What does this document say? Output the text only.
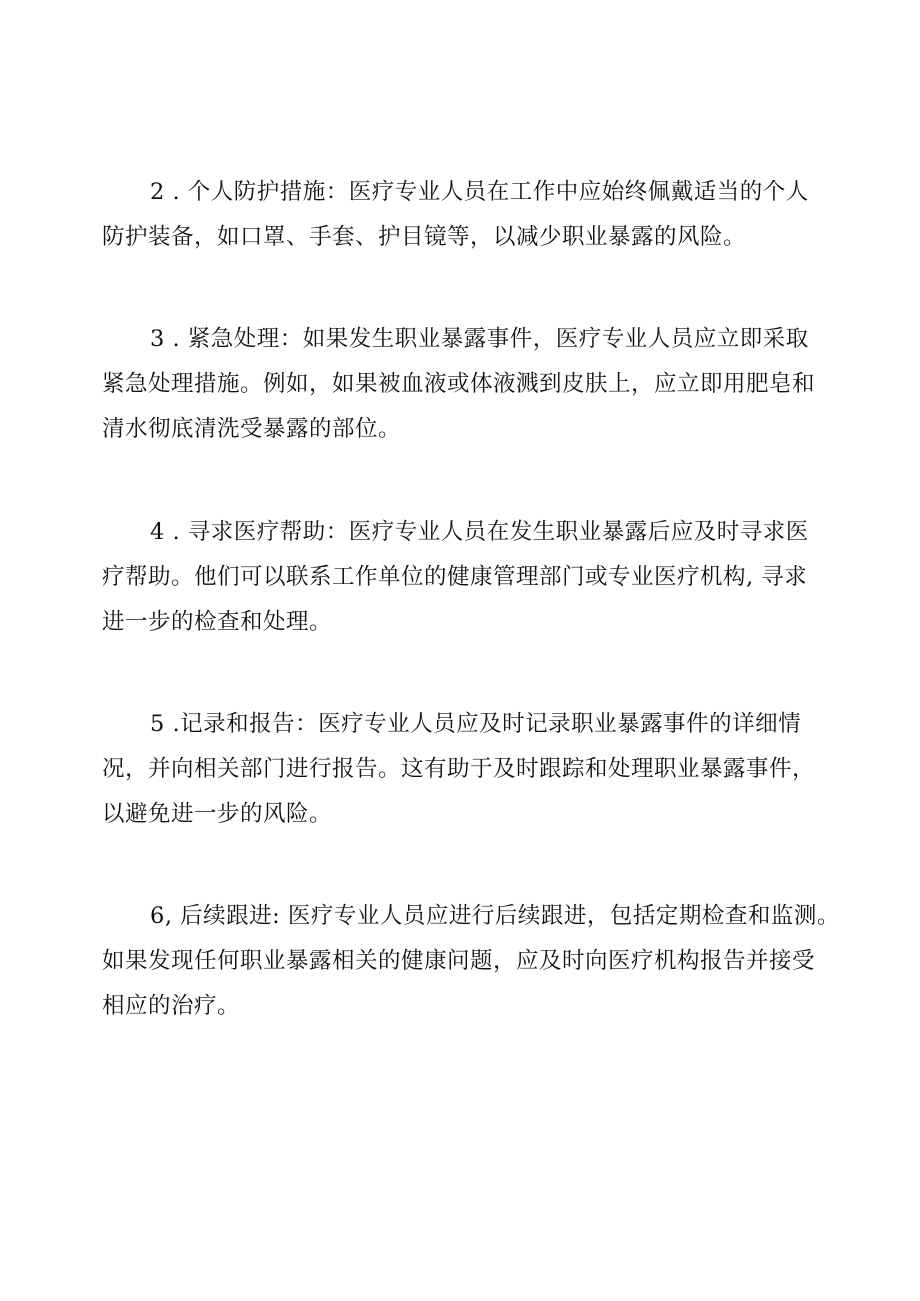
2 . 个人防护措施：医疗专业人员在工作中应始终佩戴适当的个人
防护装备，如口罩、手套、护目镜等，以减少职业暴露的风险。

3 . 紧急处理：如果发生职业暴露事件，医疗专业人员应立即采取
紧急处理措施。例如，如果被血液或体液溅到皮肤上，应立即用肥皂和
清水彻底清洗受暴露的部位。

4 . 寻求医疗帮助：医疗专业人员在发生职业暴露后应及时寻求医
疗帮助。他们可以联系工作单位的健康管理部门或专业医疗机构, 寻求
进一步的检查和处理。

5 .记录和报告：医疗专业人员应及时记录职业暴露事件的详细情
况，并向相关部门进行报告。这有助于及时跟踪和处理职业暴露事件，
以避免进一步的风险。

6, 后续跟进: 医疗专业人员应进行后续跟进，包括定期检查和监测。
如果发现任何职业暴露相关的健康问题，应及时向医疗机构报告并接受
相应的治疗。
